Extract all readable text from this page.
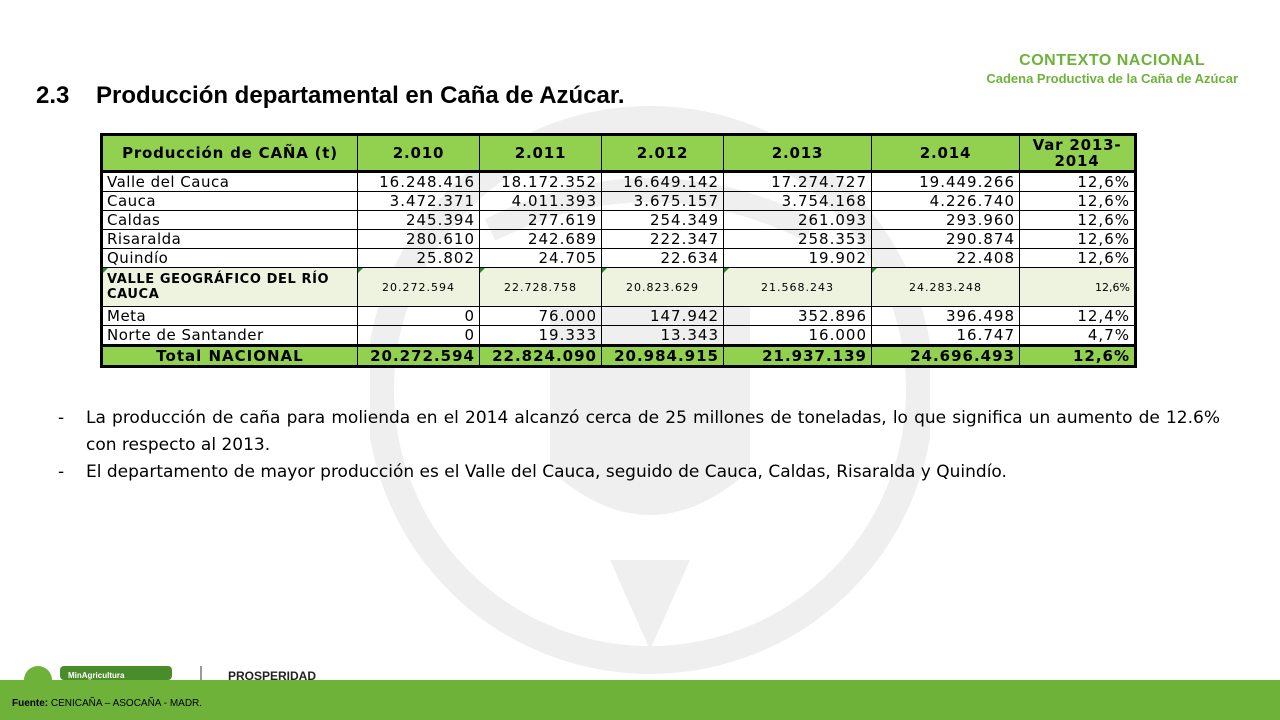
CONTEXTO NACIONAL
Cadena Productiva de la Caña de Azúcar
2.3 Producción departamental en Caña de Azúcar.
Producción de CAÑA (t)	2.010	2.011	2.012	2.013	2.014	Var 2013-2014
Valle del Cauca	16.248.416	18.172.352	16.649.142	17.274.727	19.449.266	12,6%
Cauca	3.472.371	4.011.393	3.675.157	3.754.168	4.226.740	12,6%
Caldas	245.394	277.619	254.349	261.093	293.960	12,6%
Risaralda	280.610	242.689	222.347	258.353	290.874	12,6%
Quindío	25.802	24.705	22.634	19.902	22.408	12,6%

VALLE GEOGRÁFICO DEL RÍO CAUCA	20.272.594	22.728.758	20.823.629	21.568.243	24.283.248	12,6%
Meta	0	76.000	147.942	352.896	396.498	12,4%
Norte de Santander	0	19.333	13.343	16.000	16.747	4,7%
Total NACIONAL	20.272.594	22.824.090	20.984.915	21.937.139	24.696.493	12,6%
-	La producción de caña para molienda en el 2014 alcanzó cerca de 25 millones de toneladas, lo que significa un aumento de 12.6% con respecto al 2013.
-	El departamento de mayor producción es el Valle del Cauca, seguido de Cauca, Caldas, Risaralda y Quindío.
MinAgricultura	PROSPERIDAD
Fuente: CENICAÑA – ASOCAÑA - MADR.
